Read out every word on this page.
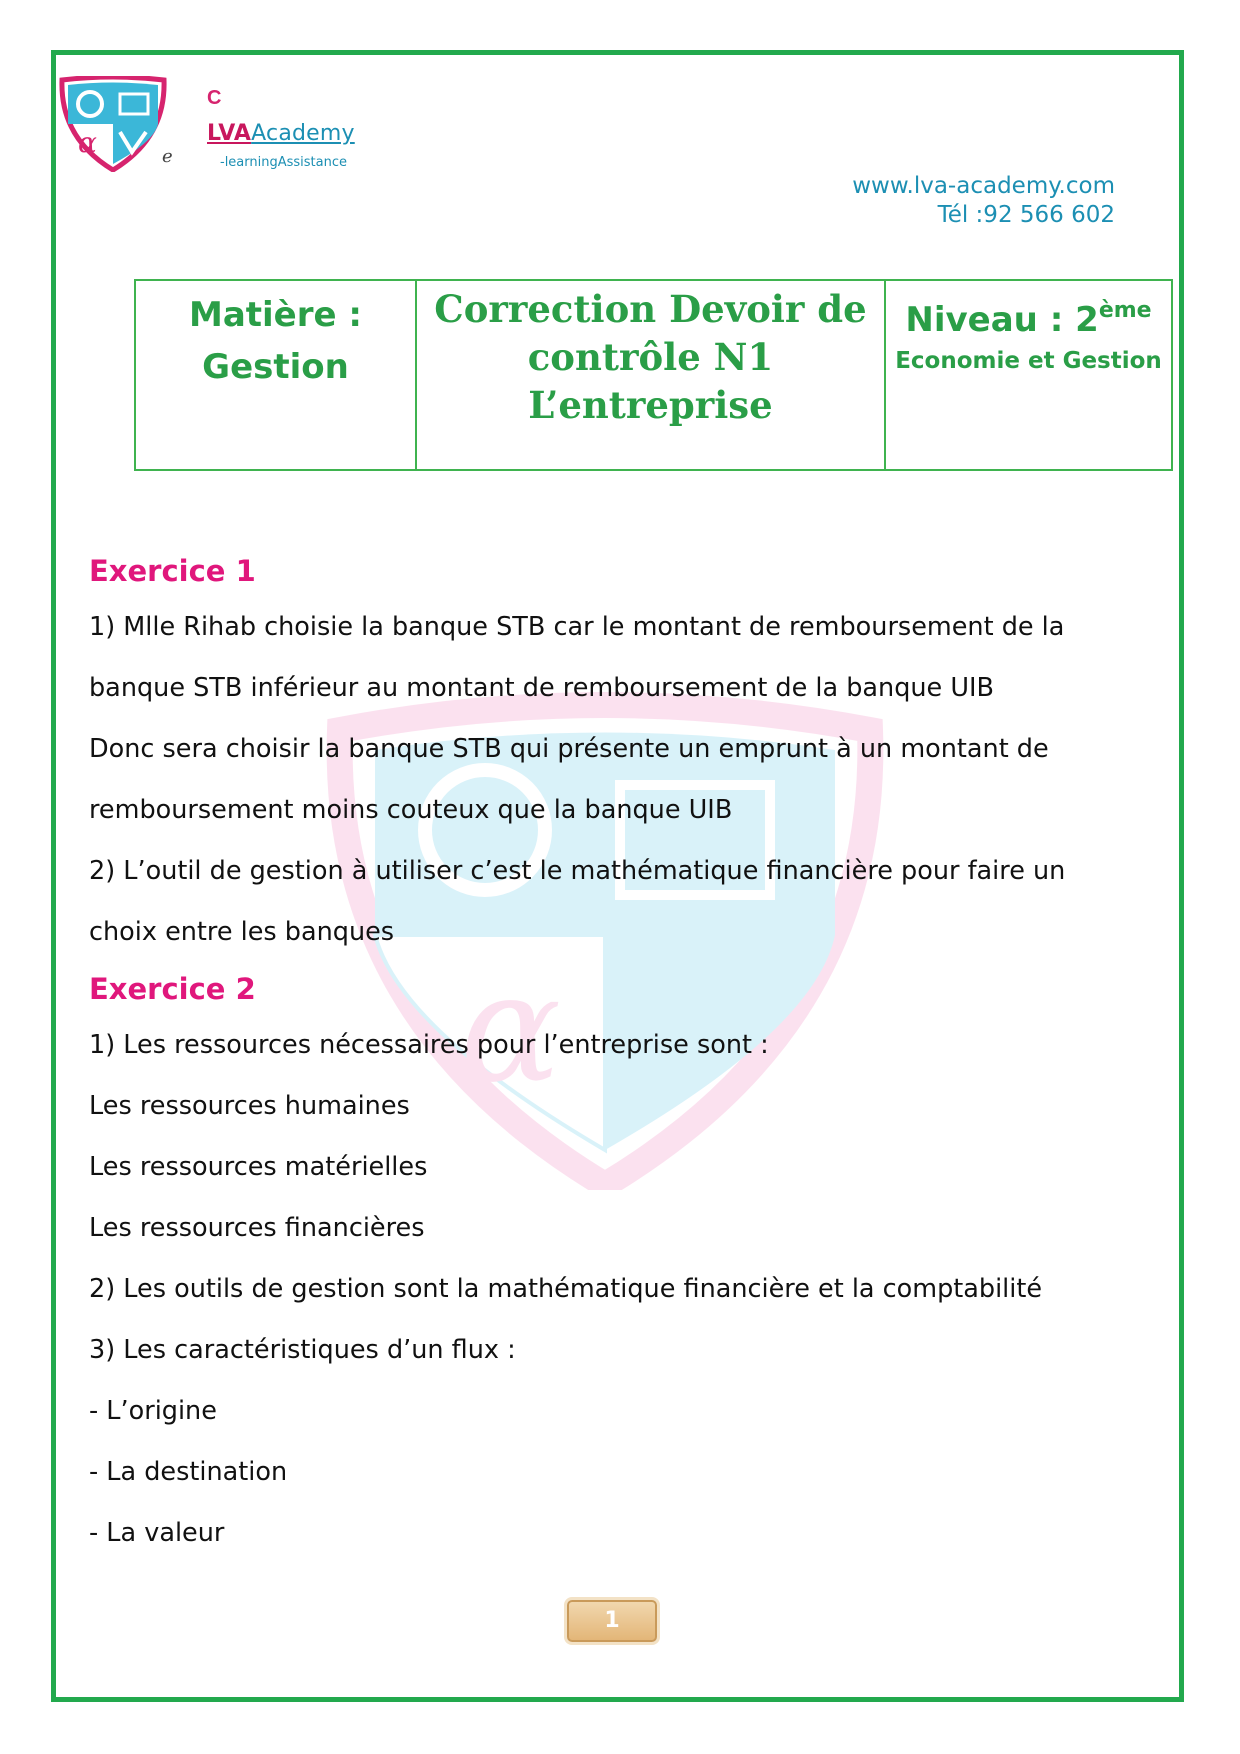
α
α	e
C
LVAAcademy
-learningAssistance
www.lva-academy.com
Tél :92 566 602
Matière :
Gestion

Correction Devoir de
contrôle N1
L’entreprise

Niveau : 2ème
Economie et Gestion
Exercice 1
1) Mlle Rihab choisie la banque STB car le montant de remboursement de la
banque STB inférieur au montant de remboursement de la banque UIB
Donc sera choisir la banque STB qui présente un emprunt à un montant de
remboursement moins couteux que la banque UIB
2) L’outil de gestion à utiliser c’est le mathématique financière pour faire un
choix entre les banques
Exercice 2
1) Les ressources nécessaires pour l’entreprise sont :
Les ressources humaines
Les ressources matérielles
Les ressources financières
2) Les outils de gestion sont la mathématique financière et la comptabilité
3) Les caractéristiques d’un flux :
- L’origine
- La destination
- La valeur
1
